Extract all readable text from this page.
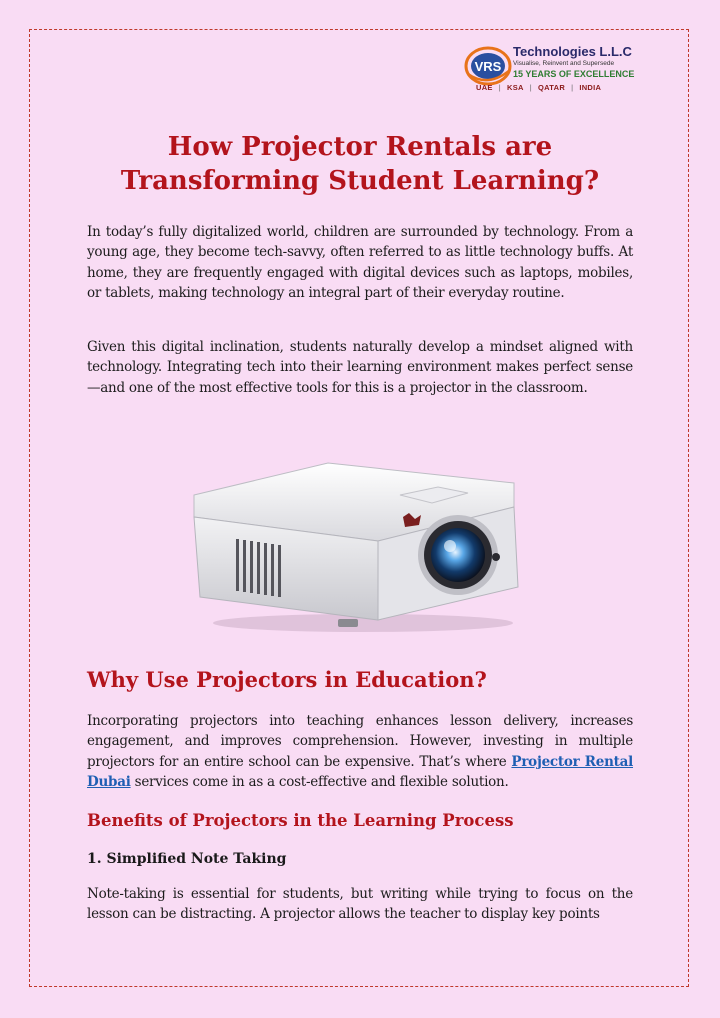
VRS
Technologies L.L.C
Visualise, Reinvent and Supersede
15 YEARS OF EXCELLENCE
UAE | KSA | QATAR | INDIA
How Projector Rentals are Transforming Student Learning?

In today’s fully digitalized world, children are surrounded by technology. From a young age, they become tech-savvy, often referred to as little technology buffs. At home, they are frequently engaged with digital devices such as laptops, mobiles, or tablets, making technology an integral part of their everyday routine.

Given this digital inclination, students naturally develop a mindset aligned with technology. Integrating tech into their learning environment makes perfect sense—and one of the most effective tools for this is a projector in the classroom.

Why Use Projectors in Education?

Incorporating projectors into teaching enhances lesson delivery, increases engagement, and improves comprehension. However, investing in multiple projectors for an entire school can be expensive. That’s where Projector Rental Dubai services come in as a cost-effective and flexible solution.

Benefits of Projectors in the Learning Process
1. Simplified Note Taking

Note-taking is essential for students, but writing while trying to focus on the lesson can be distracting. A projector allows the teacher to display key points
